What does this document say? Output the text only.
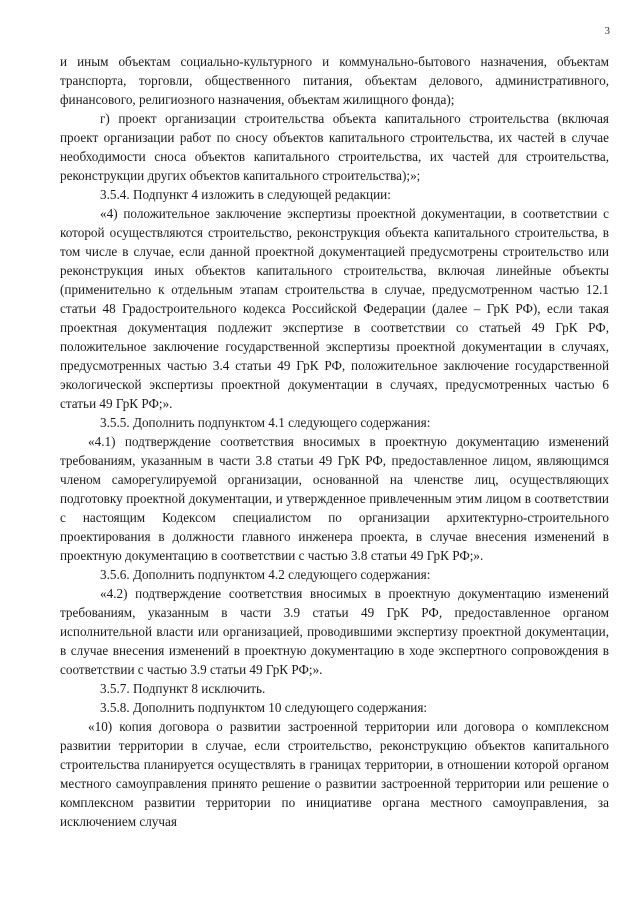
3

и иным объектам социально-культурного и коммунально-бытового назначения, объектам транспорта, торговли, общественного питания, объектам делового, административного, финансового, религиозного назначения, объектам жилищного фонда);

г) проект организации строительства объекта капитального строительства (включая проект организации работ по сносу объектов капитального строительства, их частей в случае необходимости сноса объектов капитального строительства, их частей для строительства, реконструкции других объектов капитального строительства);»;

3.5.4. Подпункт 4 изложить в следующей редакции:

«4) положительное заключение экспертизы проектной документации, в соответствии с которой осуществляются строительство, реконструкция объекта капитального строительства, в том числе в случае, если данной проектной документацией предусмотрены строительство или реконструкция иных объектов капитального строительства, включая линейные объекты (применительно к отдельным этапам строительства в случае, предусмотренном частью 12.1 статьи 48 Градостроительного кодекса Российской Федерации (далее – ГрК РФ), если такая проектная документация подлежит экспертизе в соответствии со статьей 49 ГрК РФ, положительное заключение государственной экспертизы проектной документации в случаях, предусмотренных частью 3.4 статьи 49 ГрК РФ, положительное заключение государственной экологической экспертизы проектной документации в случаях, предусмотренных частью 6 статьи 49 ГрК РФ;».

3.5.5. Дополнить подпунктом 4.1 следующего содержания:

«4.1) подтверждение соответствия вносимых в проектную документацию изменений требованиям, указанным в части 3.8 статьи 49 ГрК РФ, предоставленное лицом, являющимся членом саморегулируемой организации, основанной на членстве лиц, осуществляющих подготовку проектной документации, и утвержденное привлеченным этим лицом в соответствии с настоящим Кодексом специалистом по организации архитектурно-строительного проектирования в должности главного инженера проекта, в случае внесения изменений в проектную документацию в соответствии с частью 3.8 статьи 49 ГрК РФ;».

3.5.6. Дополнить подпунктом 4.2 следующего содержания:

«4.2) подтверждение соответствия вносимых в проектную документацию изменений требованиям, указанным в части 3.9 статьи 49 ГрК РФ, предоставленное органом исполнительной власти или организацией, проводившими экспертизу проектной документации, в случае внесения изменений в проектную документацию в ходе экспертного сопровождения в соответствии с частью 3.9 статьи 49 ГрК РФ;».

3.5.7. Подпункт 8 исключить.

3.5.8. Дополнить подпунктом 10 следующего содержания:

«10) копия договора о развитии застроенной территории или договора о комплексном развитии территории в случае, если строительство, реконструкцию объектов капитального строительства планируется осуществлять в границах территории, в отношении которой органом местного самоуправления принято решение о развитии застроенной территории или решение о комплексном развитии территории по инициативе органа местного самоуправления, за исключением случая
